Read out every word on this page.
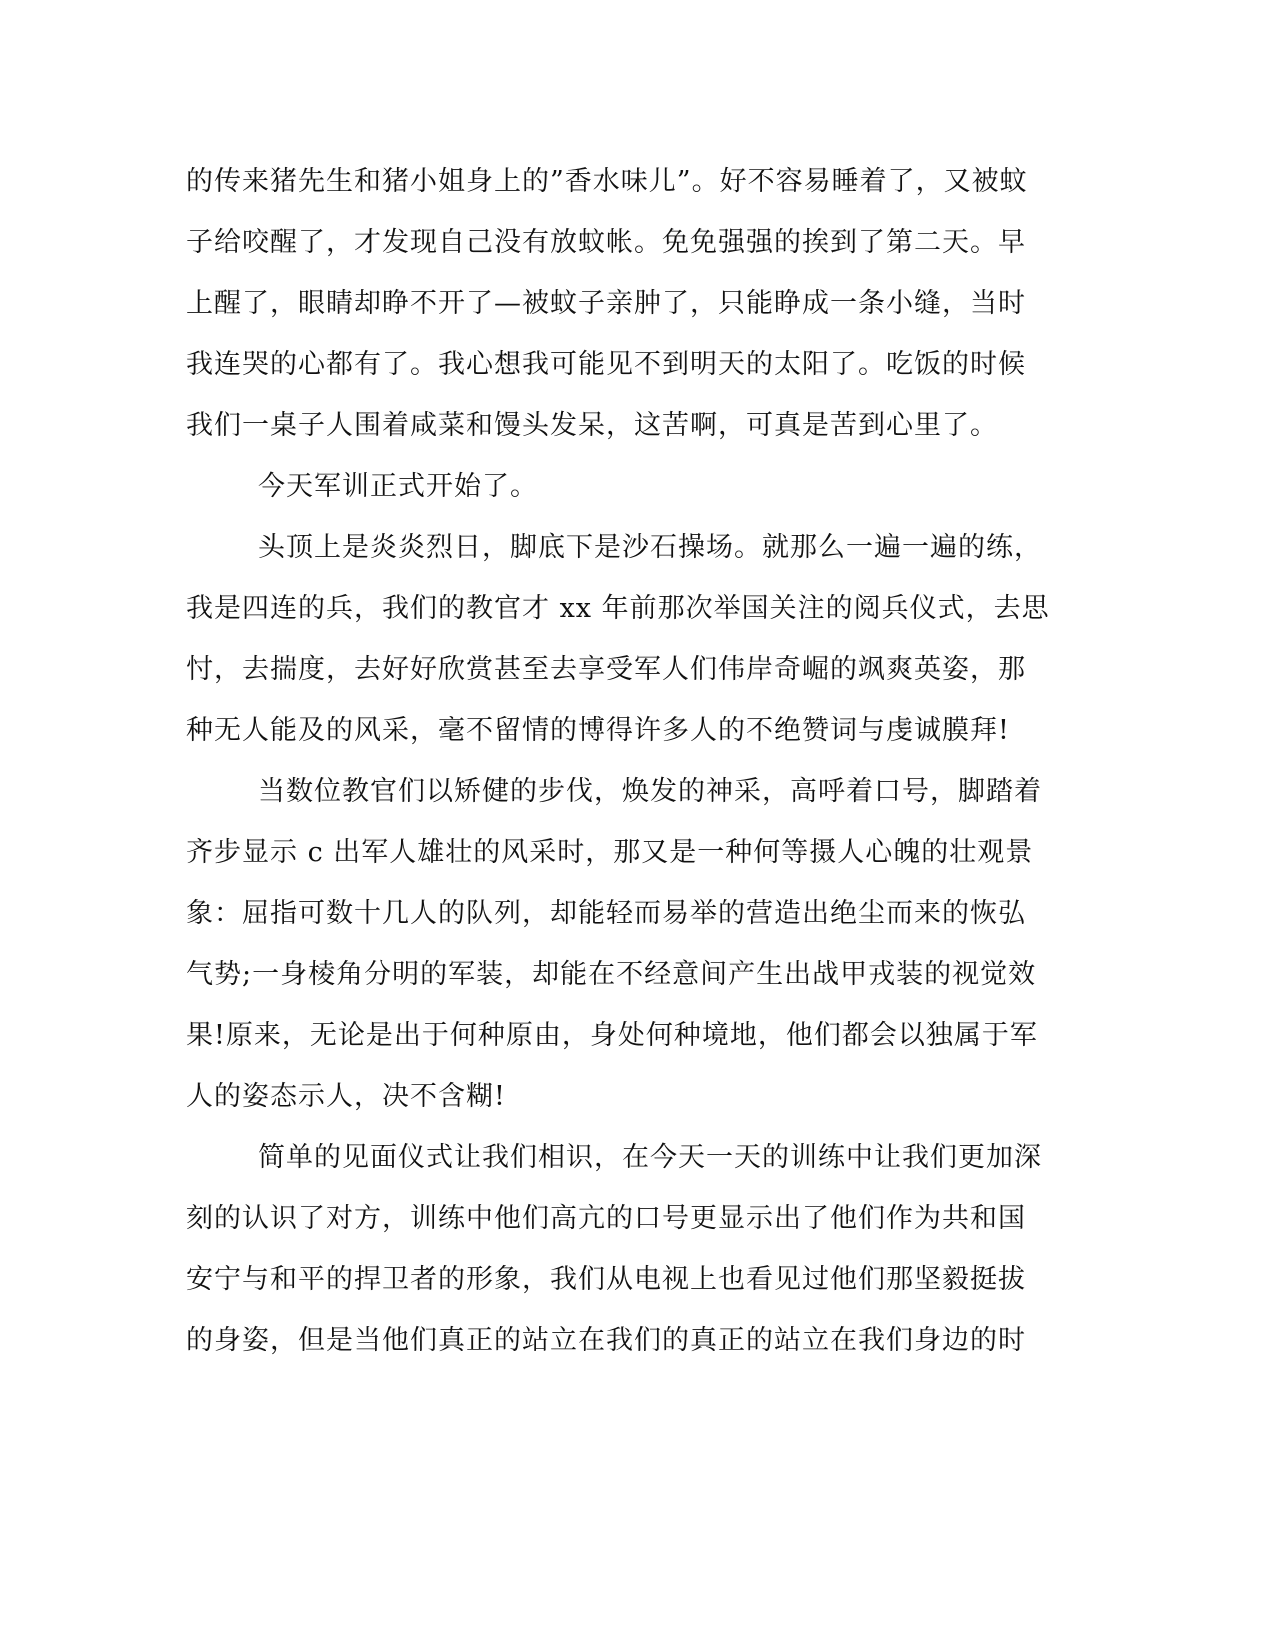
的传来猪先生和猪小姐身上的”香水味儿”。好不容易睡着了，又被蚊
子给咬醒了，才发现自己没有放蚊帐。免免强强的挨到了第二天。早
上醒了，眼睛却睁不开了—被蚊子亲肿了，只能睁成一条小缝，当时
我连哭的心都有了。我心想我可能见不到明天的太阳了。吃饭的时候
我们一桌子人围着咸菜和馒头发呆，这苦啊，可真是苦到心里了。
今天军训正式开始了。
头顶上是炎炎烈日，脚底下是沙石操场。就那么一遍一遍的练，
我是四连的兵，我们的教官才 xx 年前那次举国关注的阅兵仪式，去思
忖，去揣度，去好好欣赏甚至去享受军人们伟岸奇崛的飒爽英姿，那
种无人能及的风采，毫不留情的博得许多人的不绝赞词与虔诚膜拜!
当数位教官们以矫健的步伐，焕发的神采，高呼着口号，脚踏着
齐步显示 c 出军人雄壮的风采时，那又是一种何等摄人心魄的壮观景
象：屈指可数十几人的队列，却能轻而易举的营造出绝尘而来的恢弘
气势;一身棱角分明的军装，却能在不经意间产生出战甲戎装的视觉效
果!原来，无论是出于何种原由，身处何种境地，他们都会以独属于军
人的姿态示人，决不含糊!
简单的见面仪式让我们相识，在今天一天的训练中让我们更加深
刻的认识了对方，训练中他们高亢的口号更显示出了他们作为共和国
安宁与和平的捍卫者的形象，我们从电视上也看见过他们那坚毅挺拔
的身姿，但是当他们真正的站立在我们的真正的站立在我们身边的时
